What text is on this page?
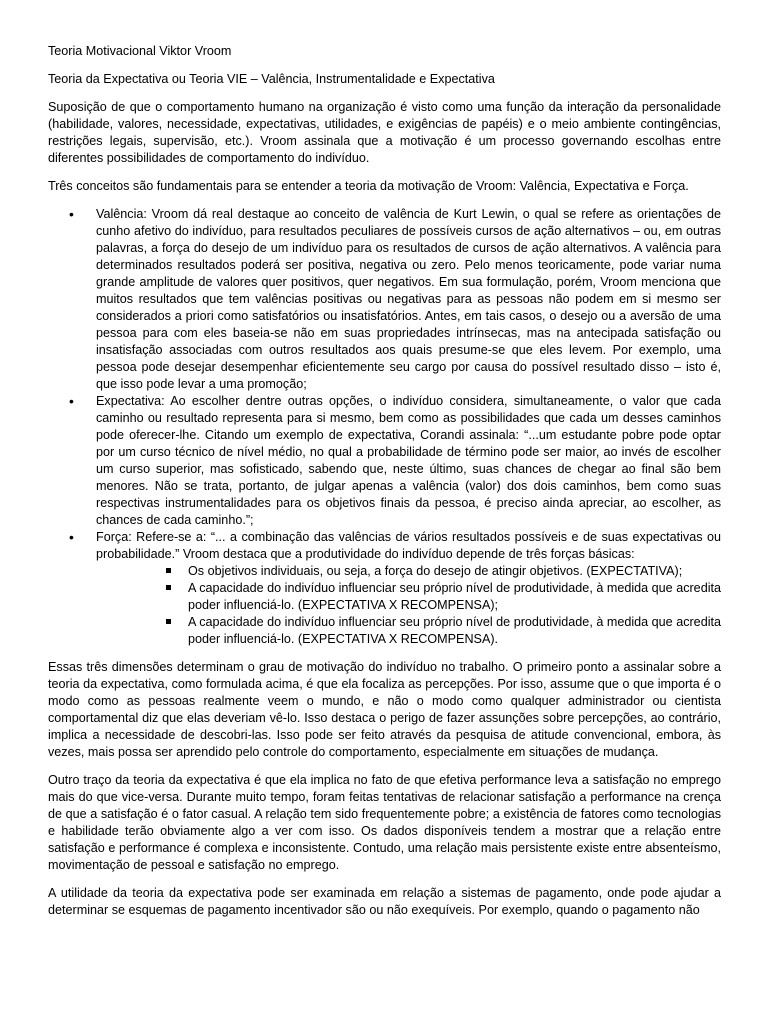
Teoria Motivacional Viktor Vroom

Teoria da Expectativa ou Teoria VIE – Valência, Instrumentalidade e Expectativa

Suposição de que o comportamento humano na organização é visto como uma função da interação da personalidade (habilidade, valores, necessidade, expectativas, utilidades, e exigências de papéis) e o meio ambiente contingências, restrições legais, supervisão, etc.). Vroom assinala que a motivação é um processo governando escolhas entre diferentes possibilidades de comportamento do indivíduo.

Três conceitos são fundamentais para se entender a teoria da motivação de Vroom: Valência, Expectativa e Força.

• Valência: Vroom dá real destaque ao conceito de valência de Kurt Lewin, o qual se refere as orientações de cunho afetivo do indivíduo, para resultados peculiares de possíveis cursos de ação alternativos – ou, em outras palavras, a força do desejo de um indivíduo para os resultados de cursos de ação alternativos. A valência para determinados resultados poderá ser positiva, negativa ou zero. Pelo menos teoricamente, pode variar numa grande amplitude de valores quer positivos, quer negativos. Em sua formulação, porém, Vroom menciona que muitos resultados que tem valências positivas ou negativas para as pessoas não podem em si mesmo ser considerados a priori como satisfatórios ou insatisfatórios. Antes, em tais casos, o desejo ou a aversão de uma pessoa para com eles baseia-se não em suas propriedades intrínsecas, mas na antecipada satisfação ou insatisfação associadas com outros resultados aos quais presume-se que eles levem. Por exemplo, uma pessoa pode desejar desempenhar eficientemente seu cargo por causa do possível resultado disso – isto é, que isso pode levar a uma promoção;
• Expectativa: Ao escolher dentre outras opções, o indivíduo considera, simultaneamente, o valor que cada caminho ou resultado representa para si mesmo, bem como as possibilidades que cada um desses caminhos pode oferecer-lhe. Citando um exemplo de expectativa, Corandi assinala: “...um estudante pobre pode optar por um curso técnico de nível médio, no qual a probabilidade de término pode ser maior, ao invés de escolher um curso superior, mas sofisticado, sabendo que, neste último, suas chances de chegar ao final são bem menores. Não se trata, portanto, de julgar apenas a valência (valor) dos dois caminhos, bem como suas respectivas instrumentalidades para os objetivos finais da pessoa, é preciso ainda apreciar, ao escolher, as chances de cada caminho.”;
• Força: Refere-se a: “... a combinação das valências de vários resultados possíveis e de suas expectativas ou probabilidade.” Vroom destaca que a produtividade do indivíduo depende de três forças básicas:
Os objetivos individuais, ou seja, a força do desejo de atingir objetivos. (EXPECTATIVA);
A capacidade do indivíduo influenciar seu próprio nível de produtividade, à medida que acredita poder influenciá-lo. (EXPECTATIVA X RECOMPENSA);
A capacidade do indivíduo influenciar seu próprio nível de produtividade, à medida que acredita poder influenciá-lo. (EXPECTATIVA X RECOMPENSA).

Essas três dimensões determinam o grau de motivação do indivíduo no trabalho. O primeiro ponto a assinalar sobre a teoria da expectativa, como formulada acima, é que ela focaliza as percepções. Por isso, assume que o que importa é o modo como as pessoas realmente veem o mundo, e não o modo como qualquer administrador ou cientista comportamental diz que elas deveriam vê-lo. Isso destaca o perigo de fazer assunções sobre percepções, ao contrário, implica a necessidade de descobri-las. Isso pode ser feito através da pesquisa de atitude convencional, embora, às vezes, mais possa ser aprendido pelo controle do comportamento, especialmente em situações de mudança.

Outro traço da teoria da expectativa é que ela implica no fato de que efetiva performance leva a satisfação no emprego mais do que vice-versa. Durante muito tempo, foram feitas tentativas de relacionar satisfação a performance na crença de que a satisfação é o fator casual. A relação tem sido frequentemente pobre; a existência de fatores como tecnologias e habilidade terão obviamente algo a ver com isso. Os dados disponíveis tendem a mostrar que a relação entre satisfação e performance é complexa e inconsistente. Contudo, uma relação mais persistente existe entre absenteísmo, movimentação de pessoal e satisfação no emprego.

A utilidade da teoria da expectativa pode ser examinada em relação a sistemas de pagamento, onde pode ajudar a determinar se esquemas de pagamento incentivador são ou não exequíveis. Por exemplo, quando o pagamento não
